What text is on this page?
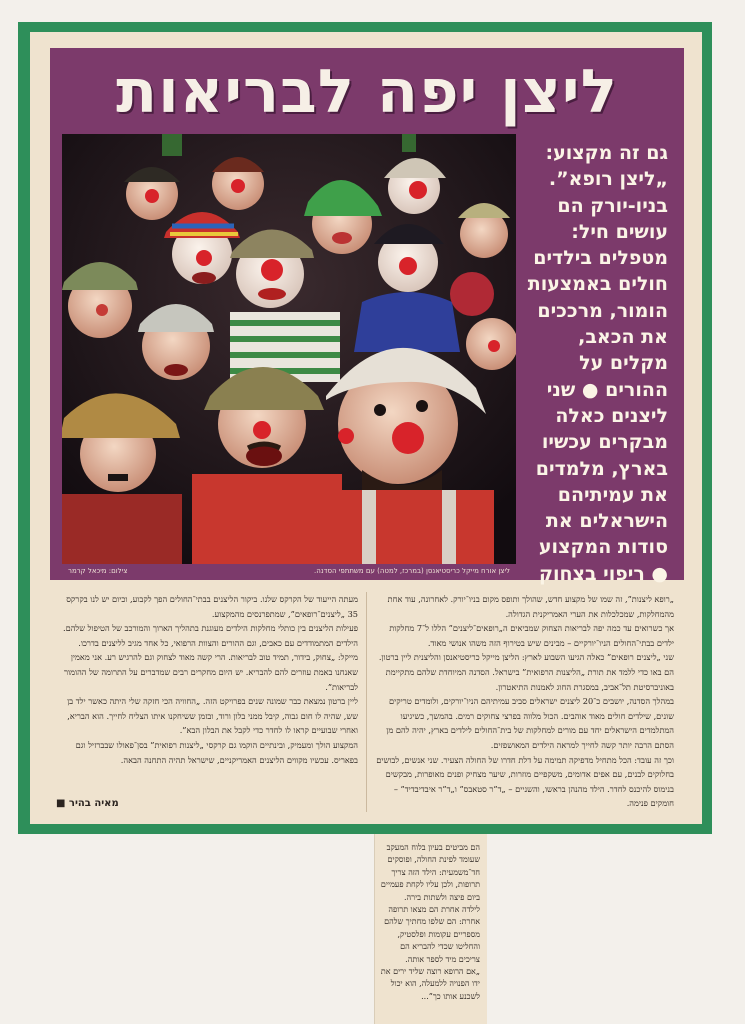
ליצן יפה לבריאות
צילום: מיכאל קרמר	ליצן אורח מייקל כריסטיאנסן (במרכז, למטה) עם משתתפי הסדנה.
גם זה מקצוע: „ליצן רופא”. בניו-יורק הם עושים חיל: מטפלים בילדים חולים באמצעות הומור, מרככים את הכאב, מקלים על ההורים ● שני ליצנים כאלה מבקרים עכשיו בארץ, מלמדים את עמיתיהם הישראלים את סודות המקצוע ● ריפוי בצחוק

„רופא ליצנות”, זה שמו של מקצוע חדש, שהולך ותופס מקום בניו־יורק. לאחרונה, עוד אחת מהמחלקות, שמכלכלות את הערי האמריקנית הגדולה.

אך כשרואים עד כמה יפה לבריאות הצחוק שמביאים ה„רופאים־ליצנים” הללו ל־7 מחלקות ילדים בבתי־החולים הניו־יורקיים – מבינים שיש בטירוף הזה משהו אנושי מאוד.

שני „ליצנים רופאים” כאלה הגיעו השבוע לארץ: הליצן מייקל כריסטיאנסן והליצנית ליין ברטון. הם באו כדי ללמד את תורת „הליצנות הרפואית” בישראל. הסדנה המיוחדת שלהם מתקיימת באוניברסיטת תל־אביב, במסגרת החוג לאמנות התיאטרון.

במהלך הסדנה, יושבים כ־20 ליצנים ישראלים סביב עמיתיהם הניו־יורקים, ולומדים טריקים שונים, שילדים חולים מאוד אוהבים. הכול מלווה בפרצי צחוקים רמים. בהמשך, כשיגיעו המתלמדים הישראלים יחד עם מורים למחלקות של בית־החולים לילדים בארץ, יהיה להם מן הסתם הרבה יותר קשה לחייך למראה הילדים המאושפזים.

וכך זה עובד: הכל מתחיל מדפיקה תמימה על דלת חדרו של החולה הצעיר. שני אנשים, לבושים בחלוקים לבנים, עם אפים אדומים, משקפיים מוזרות, שיער מצחיק ופנים מאופרות, מבקשים בנימוס להיכנס לחדר. הילד מהנהן בראשו, והשניים – „ד”ר סטאבס” ו„ד”ר איבדיבדיד” – חומקים פנימה.

מעתה הייעוד של הקרקס שלנו. ביקור הליצנים בבתי־החולים הפך לקבוע, וכיום יש לנו בקרקס 35 „ליצנים־רופאים”, שמתפרנסים מהמקצוע.

פעילות הליצנים בין כותלי מחלקות הילדים מעוגנת בתהליך הארוך והמורכב של הטיפול שלהם. הילדים המתמודדים עם כאבים, וגם ההורים והצוות הרפואי, כל אחד מגיב לליצנים בדרכו.

מייקל: „צחוק, בידור, תמיד טוב לבריאות. הרי קשה מאוד לצחוק וגם להרגיש רע. אני מאמין שאנחנו באמת עוזרים להם להבריא. יש היום מחקרים רבים שמדברים על התרומה של ההומור לבריאות”.

ליין ברטון נמצאת כבר שמונה שנים בפרויקט הזה. „החוויה הכי חזקה שלי היתה כאשר ילד בן שש, שהיה לו חום גבוה, קיבל ממני בלון ורוד, ובזמן ששיחקנו איתו הצליח לחייך. הוא הבריא, ואחרי שבועיים קראו לו לחדר כדי לקבל את הבלון הבא”.

המקצוע הולך ומעמיק, ובינתיים הוקמו גם קרקסי „ליצנות רפואית” בסן־פאולו שבברזיל וגם בפאריס. עכשיו מקווים הליצנים האמריקניים, שישראל תהיה התחנה הבאה.

הם מביטים בעיון בלוח המעקב שעומד לפינת החולה, ופוסקים חד־משמעית: הילד הזה צריך תרופות, ולכן עליו לקחת פעמיים ביום פיצה ולשתות בירה.

לילדה אחרת הם מצאו תרופה אחרת: הם שלפו מחתיך שלהם מספריים עקומות ופלסטיק, והחליטו שכדי להבריא הם צריכים מיד לספר אותה.

„אם הרופא רוצה שליד ירים את ידו הפנויה ללמעלה, הוא יכול לשכנע אותו כך”...

מאיה בהיר ■
